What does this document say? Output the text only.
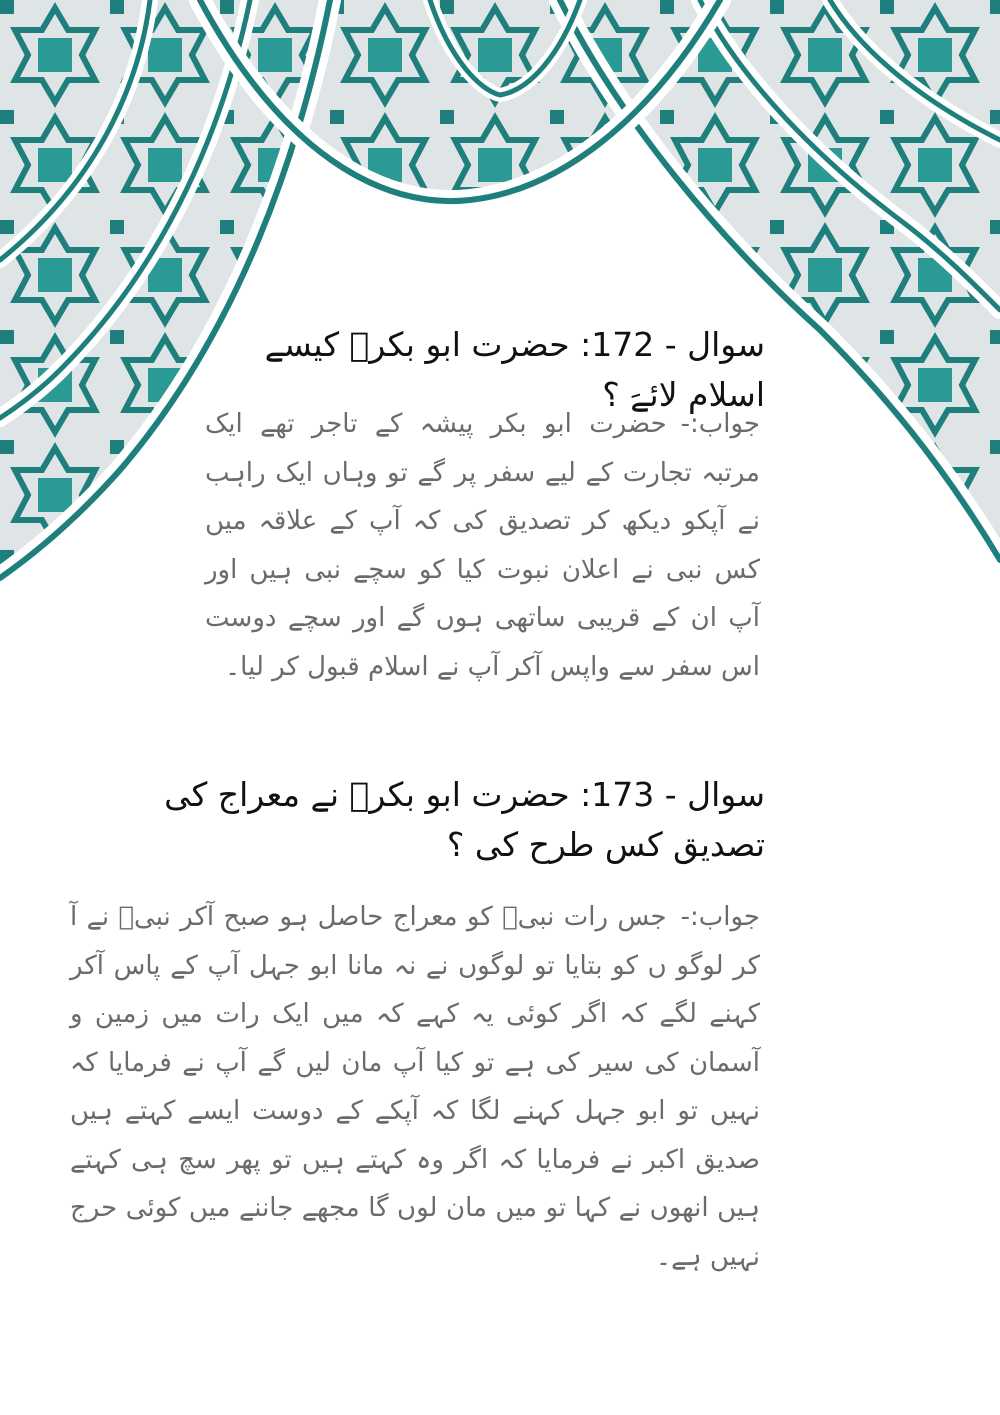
سوال - 172: حضرت ابو بکرؓ کیسے اسلام لائےَ ؟
جواب:-حضرت ابو بکر پیشہ کے تاجر تھے ایک مرتبہ تجارت کے لیے سفر پر گے تو وہاں ایک راہب نے آپکو دیکھ کر تصدیق کی کہ آپ کے علاقہ میں کس نبی نے اعلان نبوت کیا کو سچے نبی ہیں اور آپ ان کے قریبی ساتھی ہوں گے اور سچے دوست اس سفر سے واپس آکر آپ نے اسلام قبول کر لیا۔
سوال - 173: حضرت ابو بکرؓ نے معراج کی تصدیق کس طرح کی ؟
جواب:-جس رات نبیؐ کو معراج حاصل ہو صبح آکر نبیؐ نے آ کر لوگو ں کو بتایا تو لوگوں نے نہ مانا ابو جہل آپ کے پاس آکر کہنے لگے کہ اگر کوئی یہ کہے کہ میں ایک رات میں زمین و آسمان کی سیر کی ہے تو کیا آپ مان لیں گے آپ نے فرمایا کہ نہیں تو ابو جہل کہنے لگا کہ آپکے کے دوست ایسے کہتے ہیں صدیق اکبر نے فرمایا کہ اگر وہ کہتے ہیں تو پھر سچ ہی کہتے ہیں انھوں نے کہا تو میں مان لوں گا مجھے جاننے میں کوئی حرج نہیں ہے۔
